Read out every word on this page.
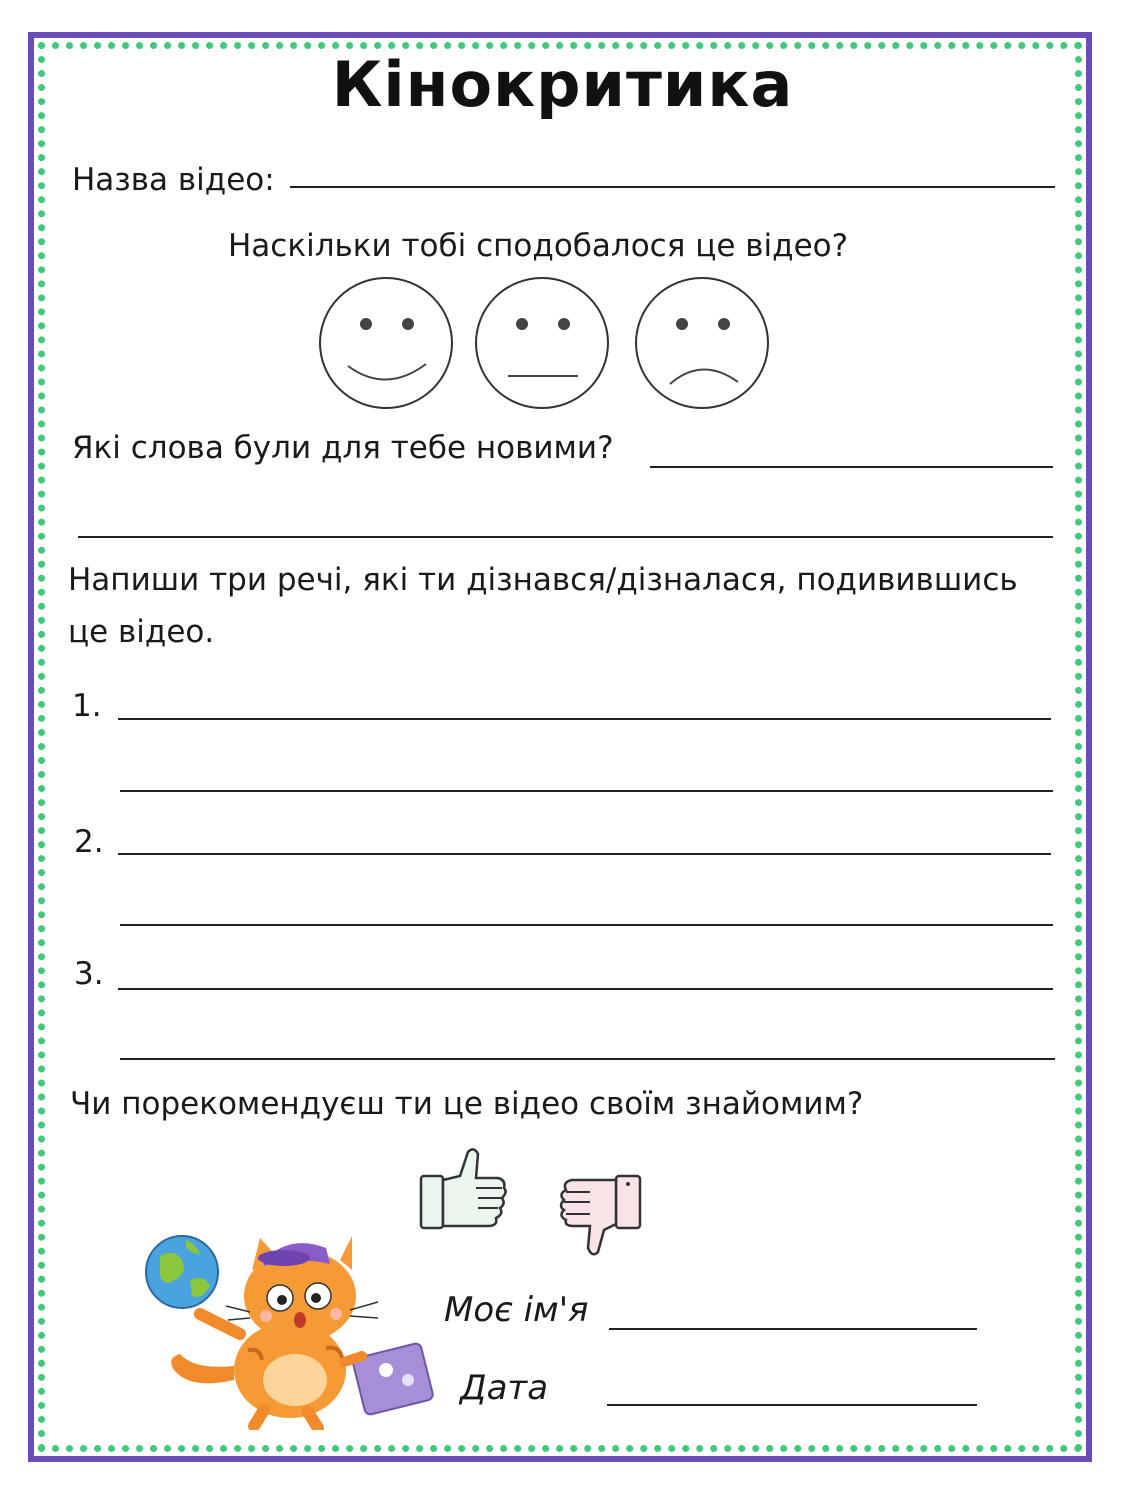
Кінокритика
Назва відео:
Наскільки тобі сподобалося це відео?
Які слова були для тебе новими?
Напиши три речі, які ти дізнався/дізналася, подивившись
це відео.
1.
2.
3.
Чи порекомендуєш ти це відео своїм знайомим?
Моє ім'я
Дата
